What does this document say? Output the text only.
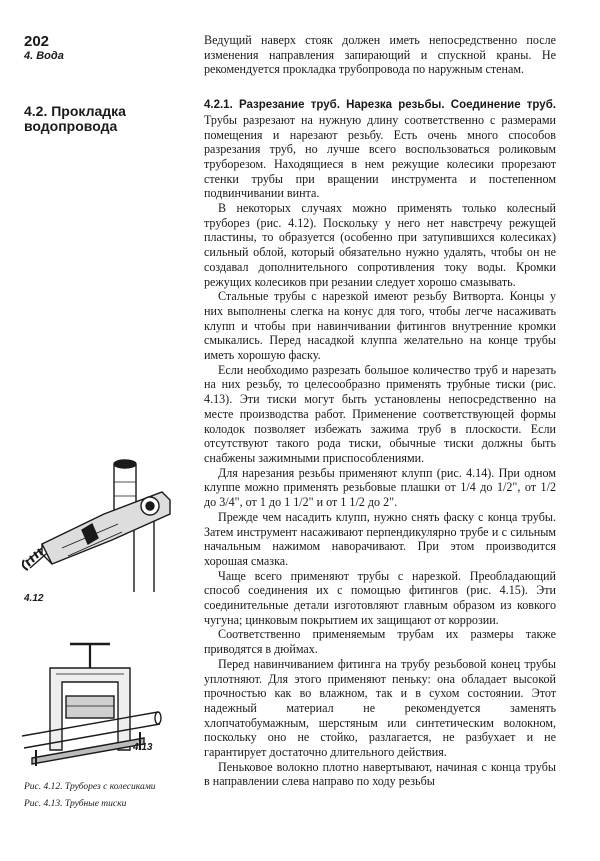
202
4. Вода
4.2. Прокладка водопровода

Ведущий наверх стояк должен иметь непосредственно после изменения направления запирающий и спускной краны. Не рекомендуется прокладка трубопровода по наружным стенам.

4.2.1. Разрезание труб. Нарезка резьбы. Соединение труб. Трубы разрезают на нужную длину соответственно с размерами помещения и нарезают резьбу. Есть очень много способов разрезания труб, но лучше всего воспользоваться роликовым труборезом. Находящиеся в нем режущие колесики прорезают стенки трубы при вращении инструмента и постепенном подвинчивании винта.

В некоторых случаях можно применять только колесный труборез (рис. 4.12). Поскольку у него нет навстречу режущей пластины, то образуется (особенно при затупившихся колесиках) сильный облой, который обязательно нужно удалять, чтобы он не создавал дополнительного сопротивления току воды. Кромки режущих колесиков при резании следует хорошо смазывать.

Стальные трубы с нарезкой имеют резьбу Витворта. Концы у них выполнены слегка на конус для того, чтобы легче насаживать клупп и чтобы при навинчивании фитингов внутренние кромки смыкались. Перед насадкой клуппа желательно на конце трубы иметь хорошую фаску.

Если необходимо разрезать большое количество труб и нарезать на них резьбу, то целесообразно применять трубные тиски (рис. 4.13). Эти тиски могут быть установлены непосредственно на месте производства работ. Применение соответствующей формы колодок позволяет избежать зажима труб в плоскости. Если отсутствуют такого рода тиски, обычные тиски должны быть снабжены зажимными приспособлениями.

Для нарезания резьбы применяют клупп (рис. 4.14). При одном клуппе можно применять резьбовые плашки от 1/4 до 1/2", от 1/2 до 3/4", от 1 до 1 1/2" и от 1 1/2 до 2".

Прежде чем насадить клупп, нужно снять фаску с конца трубы. Затем инструмент насаживают перпендикулярно трубе и с сильным начальным нажимом наворачивают. При этом производится хорошая смазка.

Чаще всего применяют трубы с нарезкой. Преобладающий способ соединения их с помощью фитингов (рис. 4.15). Эти соединительные детали изготовляют главным образом из ковкого чугуна; цинковым покрытием их защищают от коррозии.

Соответственно применяемым трубам их размеры также приводятся в дюймах.

Перед навинчиванием фитинга на трубу резьбовой конец трубы уплотняют. Для этого применяют пеньку: она обладает высокой прочностью как во влажном, так и в сухом состоянии. Этот надежный материал не рекомендуется заменять хлопчатобумажным, шерстяным или синтетическим волокном, поскольку оно не стойко, разлагается, не разбухает и не гарантирует достаточно длительного действия.

Пеньковое волокно плотно навертывают, начиная с конца трубы в направлении слева направо по ходу резьбы

4.12
4.13
Рис. 4.12. Труборез с колесиками
Рис. 4.13. Трубные тиски
